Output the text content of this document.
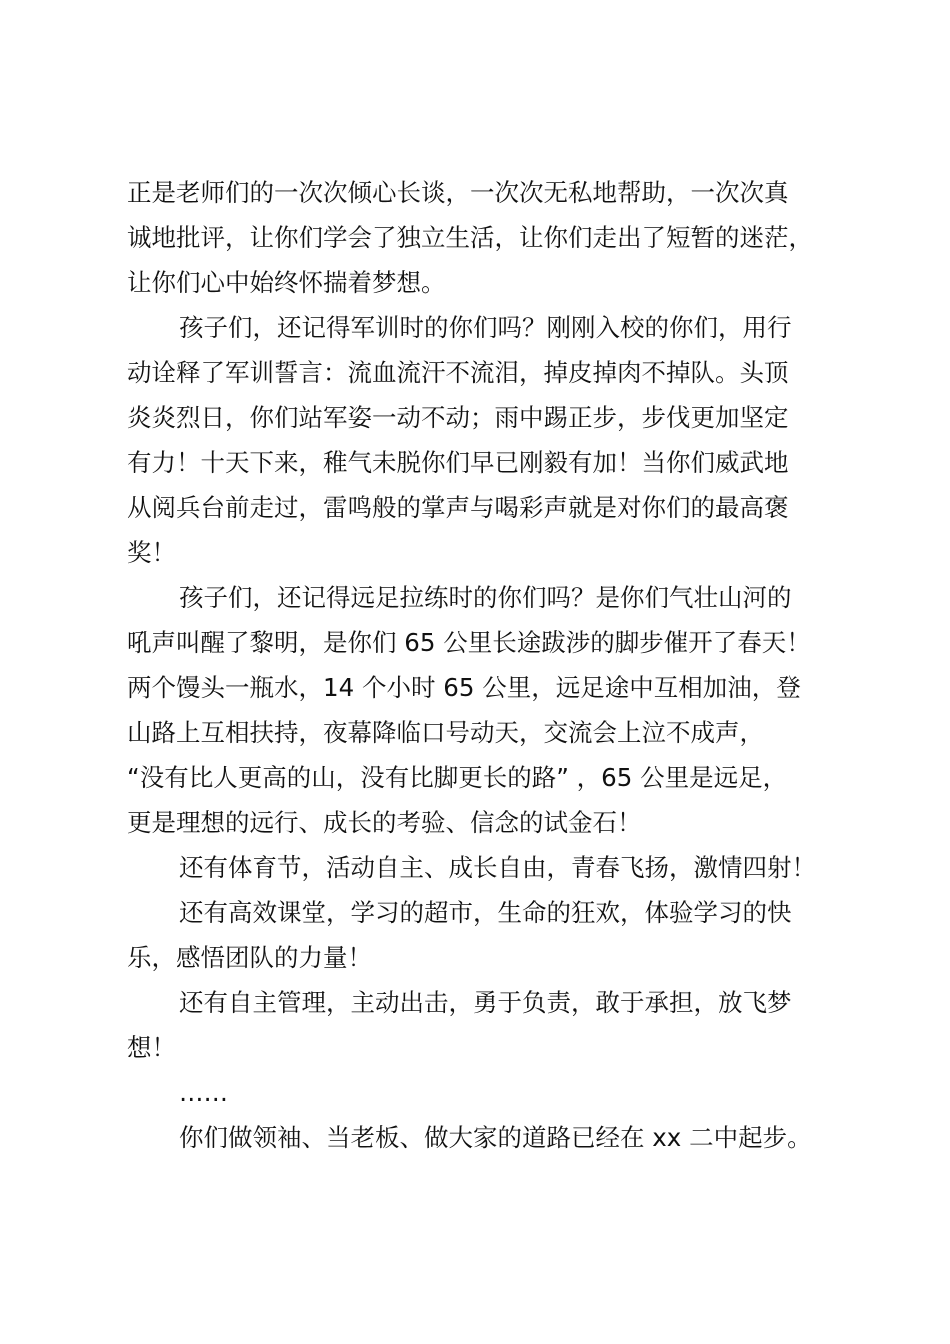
正是老师们的一次次倾心长谈，一次次无私地帮助，一次次真
诚地批评，让你们学会了独立生活，让你们走出了短暂的迷茫，
让你们心中始终怀揣着梦想。
孩子们，还记得军训时的你们吗？刚刚入校的你们，用行
动诠释了军训誓言：流血流汗不流泪，掉皮掉肉不掉队。头顶
炎炎烈日，你们站军姿一动不动；雨中踢正步，步伐更加坚定
有力！十天下来，稚气未脱你们早已刚毅有加！当你们威武地
从阅兵台前走过，雷鸣般的掌声与喝彩声就是对你们的最高褒
奖！
孩子们，还记得远足拉练时的你们吗？是你们气壮山河的
吼声叫醒了黎明，是你们 65 公里长途跋涉的脚步催开了春天！
两个馒头一瓶水，14 个小时 65 公里，远足途中互相加油，登
山路上互相扶持，夜幕降临口号动天，交流会上泣不成声，
“没有比人更高的山，没有比脚更长的路” ，65 公里是远足，
更是理想的远行、成长的考验、信念的试金石！
还有体育节，活动自主、成长自由，青春飞扬，激情四射！
还有高效课堂，学习的超市，生命的狂欢，体验学习的快
乐，感悟团队的力量！
还有自主管理，主动出击，勇于负责，敢于承担，放飞梦
想！
……
你们做领袖、当老板、做大家的道路已经在 xx 二中起步。
